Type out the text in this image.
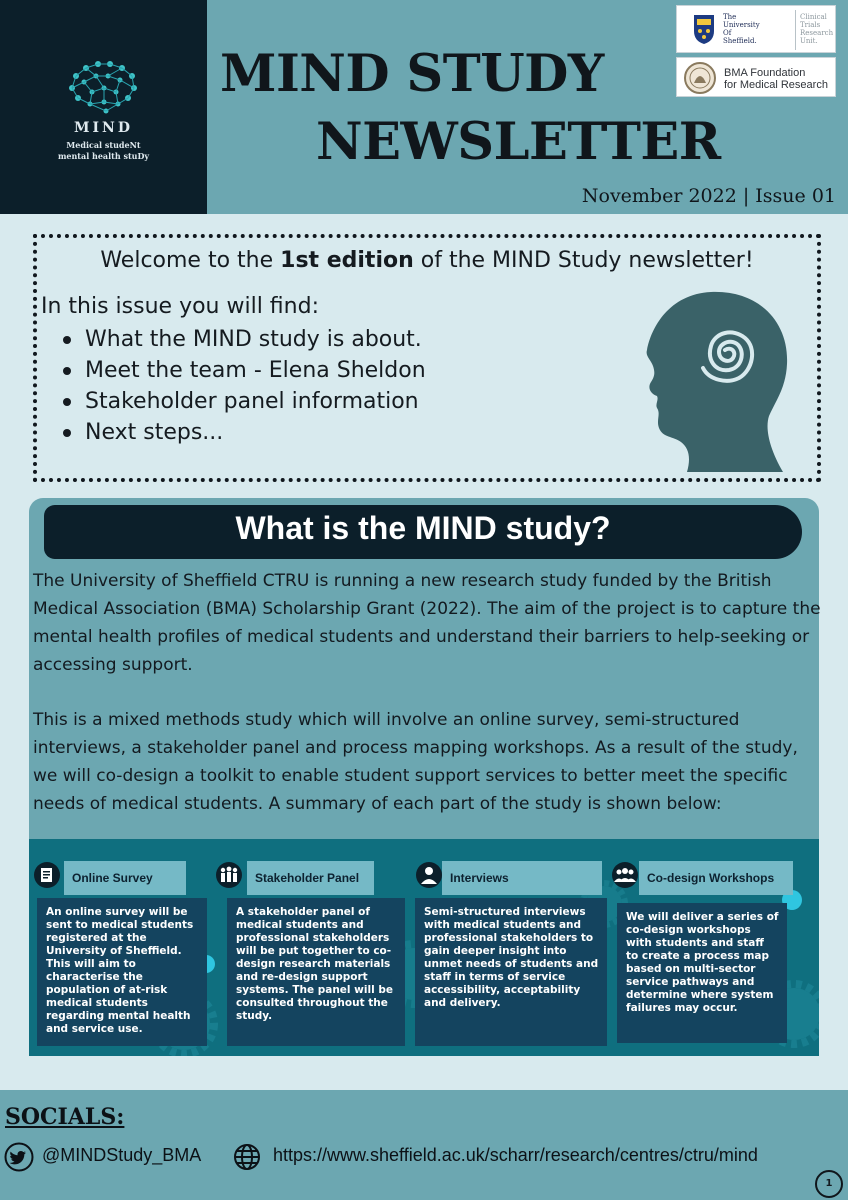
MIND
Medical studeNt
mental health stuDy
MIND STUDY
NEWSLETTER
November 2022 | Issue 01
The
University
Of
Sheffield.
Clinical
Trials
Research
Unit.
BMA Foundation
for Medical Research
Welcome to the 1st edition of the MIND Study newsletter!
In this issue you will find:
What the MIND study is about.
Meet the team - Elena Sheldon
Stakeholder panel information
Next steps...
What is the MIND study?
The University of Sheffield CTRU is running a new research study funded by the British Medical Association (BMA) Scholarship Grant (2022). The aim of the project is to capture the mental health profiles of medical students and understand their barriers to help-seeking or accessing support.
This is a mixed methods study which will involve an online survey, semi-structured interviews, a stakeholder panel and process mapping workshops. As a result of the study, we will co-design a toolkit to enable student support services to better meet the specific needs of medical students. A summary of each part of the study is shown below:
Online Survey
An online survey will be sent to medical students registered at the University of Sheffield. This will aim to characterise the population of at-risk medical students regarding mental health and service use.
Stakeholder Panel
A stakeholder panel of medical students and professional stakeholders will be put together to co-design research materials and re-design support systems. The panel will be consulted throughout the study.
Interviews
Semi-structured interviews with medical students and professional stakeholders to gain deeper insight into unmet needs of students and staff in terms of service accessibility, acceptability and delivery.
Co-design Workshops
We will deliver a series of co-design workshops with students and staff to create a process map based on multi-sector service pathways and determine where system failures may occur.
SOCIALS:
@MINDStudy_BMA	https://www.sheffield.ac.uk/scharr/research/centres/ctru/mind
1
